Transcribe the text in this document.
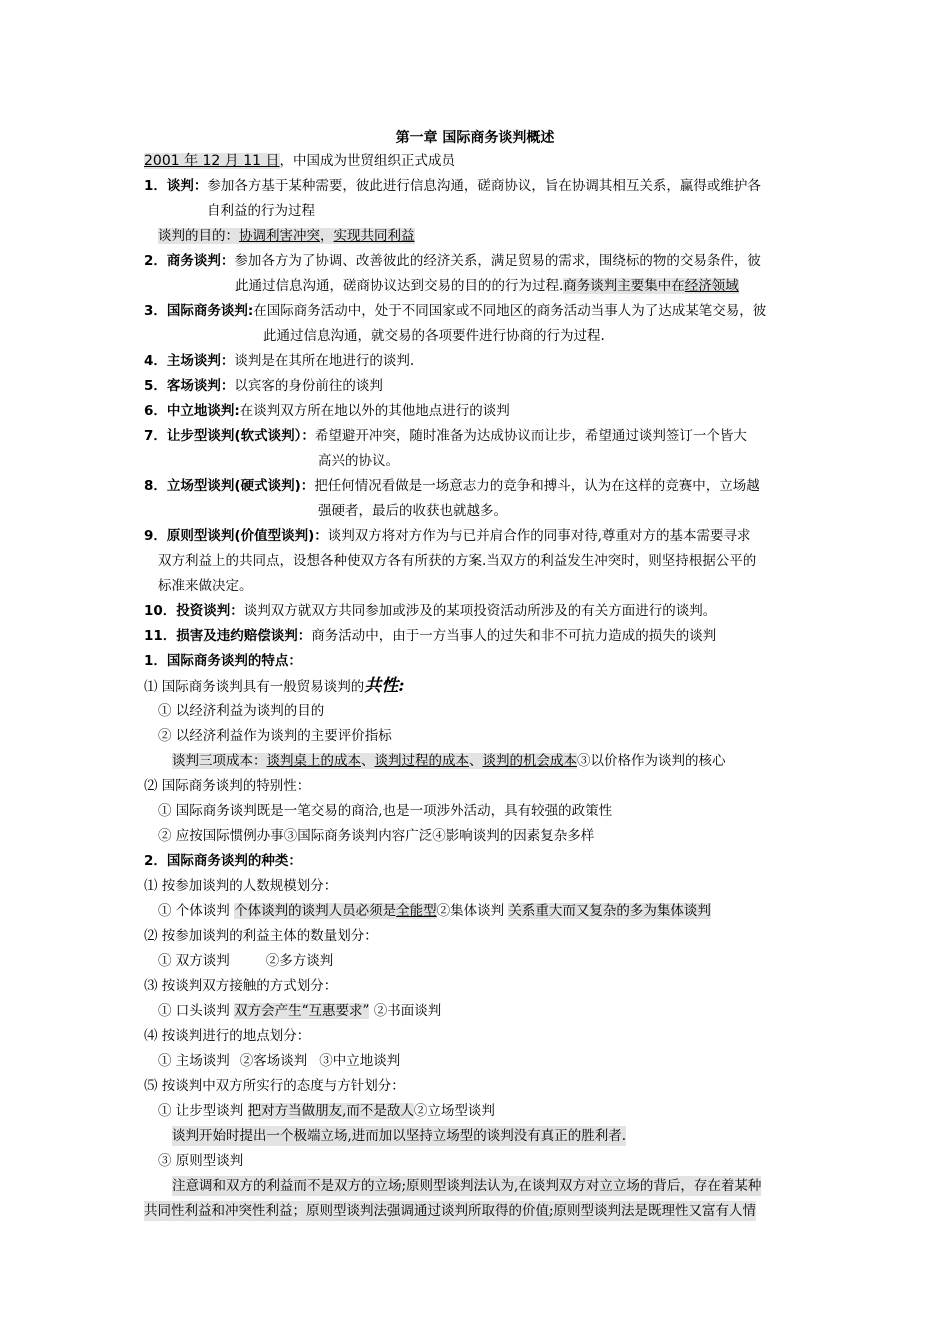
第一章 国际商务谈判概述
2001 年 12 月 11 日，中国成为世贸组织正式成员
1．谈判：参加各方基于某种需要，彼此进行信息沟通，磋商协议，旨在协调其相互关系，赢得或维护各
自利益的行为过程
谈判的目的：协调利害冲突，实现共同利益
2．商务谈判：参加各方为了协调、改善彼此的经济关系，满足贸易的需求，围绕标的物的交易条件，彼
此通过信息沟通，磋商协议达到交易的目的的行为过程.商务谈判主要集中在经济领域
3．国际商务谈判:在国际商务活动中，处于不同国家或不同地区的商务活动当事人为了达成某笔交易，彼
此通过信息沟通，就交易的各项要件进行协商的行为过程.
4．主场谈判：谈判是在其所在地进行的谈判.
5．客场谈判：以宾客的身份前往的谈判
6．中立地谈判:在谈判双方所在地以外的其他地点进行的谈判
7．让步型谈判(软式谈判）：希望避开冲突，随时准备为达成协议而让步，希望通过谈判签订一个皆大
高兴的协议。
8．立场型谈判(硬式谈判)：把任何情况看做是一场意志力的竞争和搏斗，认为在这样的竞赛中，立场越
强硬者，最后的收获也就越多。
9．原则型谈判(价值型谈判)：谈判双方将对方作为与已并肩合作的同事对待,尊重对方的基本需要寻求
双方利益上的共同点，设想各种使双方各有所获的方案.当双方的利益发生冲突时，则坚持根据公平的
标准来做决定。
10．投资谈判：谈判双方就双方共同参加或涉及的某项投资活动所涉及的有关方面进行的谈判。
11．损害及违约赔偿谈判：商务活动中，由于一方当事人的过失和非不可抗力造成的损失的谈判
1．国际商务谈判的特点：
⑴ 国际商务谈判具有一般贸易谈判的共性:
① 以经济利益为谈判的目的
② 以经济利益作为谈判的主要评价指标
谈判三项成本：谈判桌上的成本、谈判过程的成本、谈判的机会成本③以价格作为谈判的核心
⑵ 国际商务谈判的特别性：
① 国际商务谈判既是一笔交易的商洽,也是一项涉外活动，具有较强的政策性
② 应按国际惯例办事③国际商务谈判内容广泛④影响谈判的因素复杂多样
2．国际商务谈判的种类：
⑴ 按参加谈判的人数规模划分：
① 个体谈判 个体谈判的谈判人员必须是全能型②集体谈判 关系重大而又复杂的多为集体谈判
⑵ 按参加谈判的利益主体的数量划分：
① 双方谈判	②多方谈判
⑶ 按谈判双方接触的方式划分：
① 口头谈判 双方会产生“互惠要求” ②书面谈判
⑷ 按谈判进行的地点划分：
① 主场谈判 ②客场谈判 ③中立地谈判
⑸ 按谈判中双方所实行的态度与方针划分：
① 让步型谈判 把对方当做朋友,而不是敌人②立场型谈判
谈判开始时提出一个极端立场,进而加以坚持立场型的谈判没有真正的胜利者.
③ 原则型谈判
注意调和双方的利益而不是双方的立场;原则型谈判法认为,在谈判双方对立立场的背后，存在着某种
共同性利益和冲突性利益；原则型谈判法强调通过谈判所取得的价值;原则型谈判法是既理性又富有人情
